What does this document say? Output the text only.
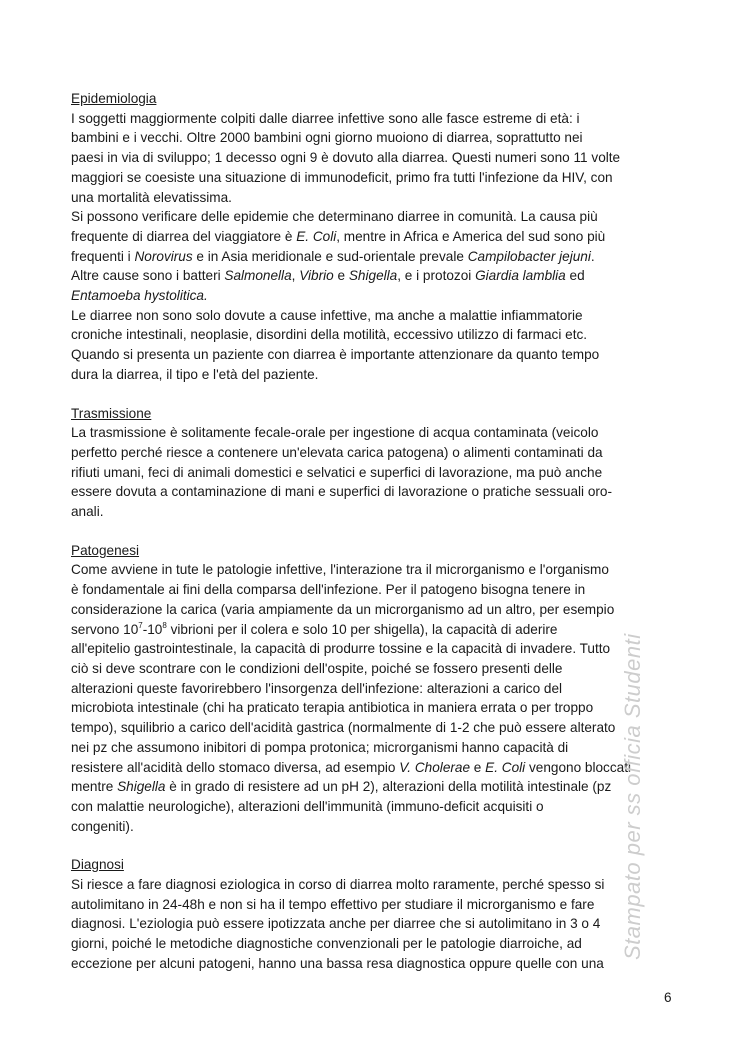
Epidemiologia

I soggetti maggiormente colpiti dalle diarree infettive sono alle fasce estreme di età: i

bambini e i vecchi. Oltre 2000 bambini ogni giorno muoiono di diarrea, soprattutto nei

paesi in via di sviluppo; 1 decesso ogni 9 è dovuto alla diarrea. Questi numeri sono 11 volte

maggiori se coesiste una situazione di immunodeficit, primo fra tutti l'infezione da HIV, con

una mortalità elevatissima.

Si possono verificare delle epidemie che determinano diarree in comunità. La causa più

frequente di diarrea del viaggiatore è E. Coli, mentre in Africa e America del sud sono più

frequenti i Norovirus e in Asia meridionale e sud-orientale prevale Campilobacter jejuni.

Altre cause sono i batteri Salmonella, Vibrio e Shigella, e i protozoi Giardia lamblia ed

Entamoeba hystolitica.

Le diarree non sono solo dovute a cause infettive, ma anche a malattie infiammatorie

croniche intestinali, neoplasie, disordini della motilità, eccessivo utilizzo di farmaci etc.

Quando si presenta un paziente con diarrea è importante attenzionare da quanto tempo

dura la diarrea, il tipo e l'età del paziente.

Trasmissione

La trasmissione è solitamente fecale-orale per ingestione di acqua contaminata (veicolo

perfetto perché riesce a contenere un'elevata carica patogena) o alimenti contaminati da

rifiuti umani, feci di animali domestici e selvatici e superfici di lavorazione, ma può anche

essere dovuta a contaminazione di mani e superfici di lavorazione o pratiche sessuali oro-

anali.

Patogenesi

Come avviene in tute le patologie infettive, l'interazione tra il microrganismo e l'organismo

è fondamentale ai fini della comparsa dell'infezione. Per il patogeno bisogna tenere in

considerazione la carica (varia ampiamente da un microrganismo ad un altro, per esempio

servono $10^7-10^8$ vibrioni per il colera e solo 10 per shigella), la capacità di aderire

all'epitelio gastrointestinale, la capacità di produrre tossine e la capacità di invadere. Tutto

ciò si deve scontrare con le condizioni dell'ospite, poiché se fossero presenti delle

alterazioni queste favorirebbero l'insorgenza dell'infezione: alterazioni a carico del

microbiota intestinale (chi ha praticato terapia antibiotica in maniera errata o per troppo

tempo), squilibrio a carico dell'acidità gastrica (normalmente di 1-2 che può essere alterato

nei pz che assumono inibitori di pompa protonica; microrganismi hanno capacità di

resistere all'acidità dello stomaco diversa, ad esempio V. Cholerae e E. Coli vengono bloccati

mentre Shigella è in grado di resistere ad un pH 2), alterazioni della motilità intestinale (pz

con malattie neurologiche), alterazioni dell'immunità (immuno-deficit acquisiti o

congeniti).

Diagnosi

Si riesce a fare diagnosi eziologica in corso di diarrea molto raramente, perché spesso si

autolimitano in 24-48h e non si ha il tempo effettivo per studiare il microrganismo e fare

diagnosi. L'eziologia può essere ipotizzata anche per diarree che si autolimitano in 3 o 4

giorni, poiché le metodiche diagnostiche convenzionali per le patologie diarroiche, ad

eccezione per alcuni patogeni, hanno una bassa resa diagnostica oppure quelle con una

Stampato per ss officia Studenti
6
